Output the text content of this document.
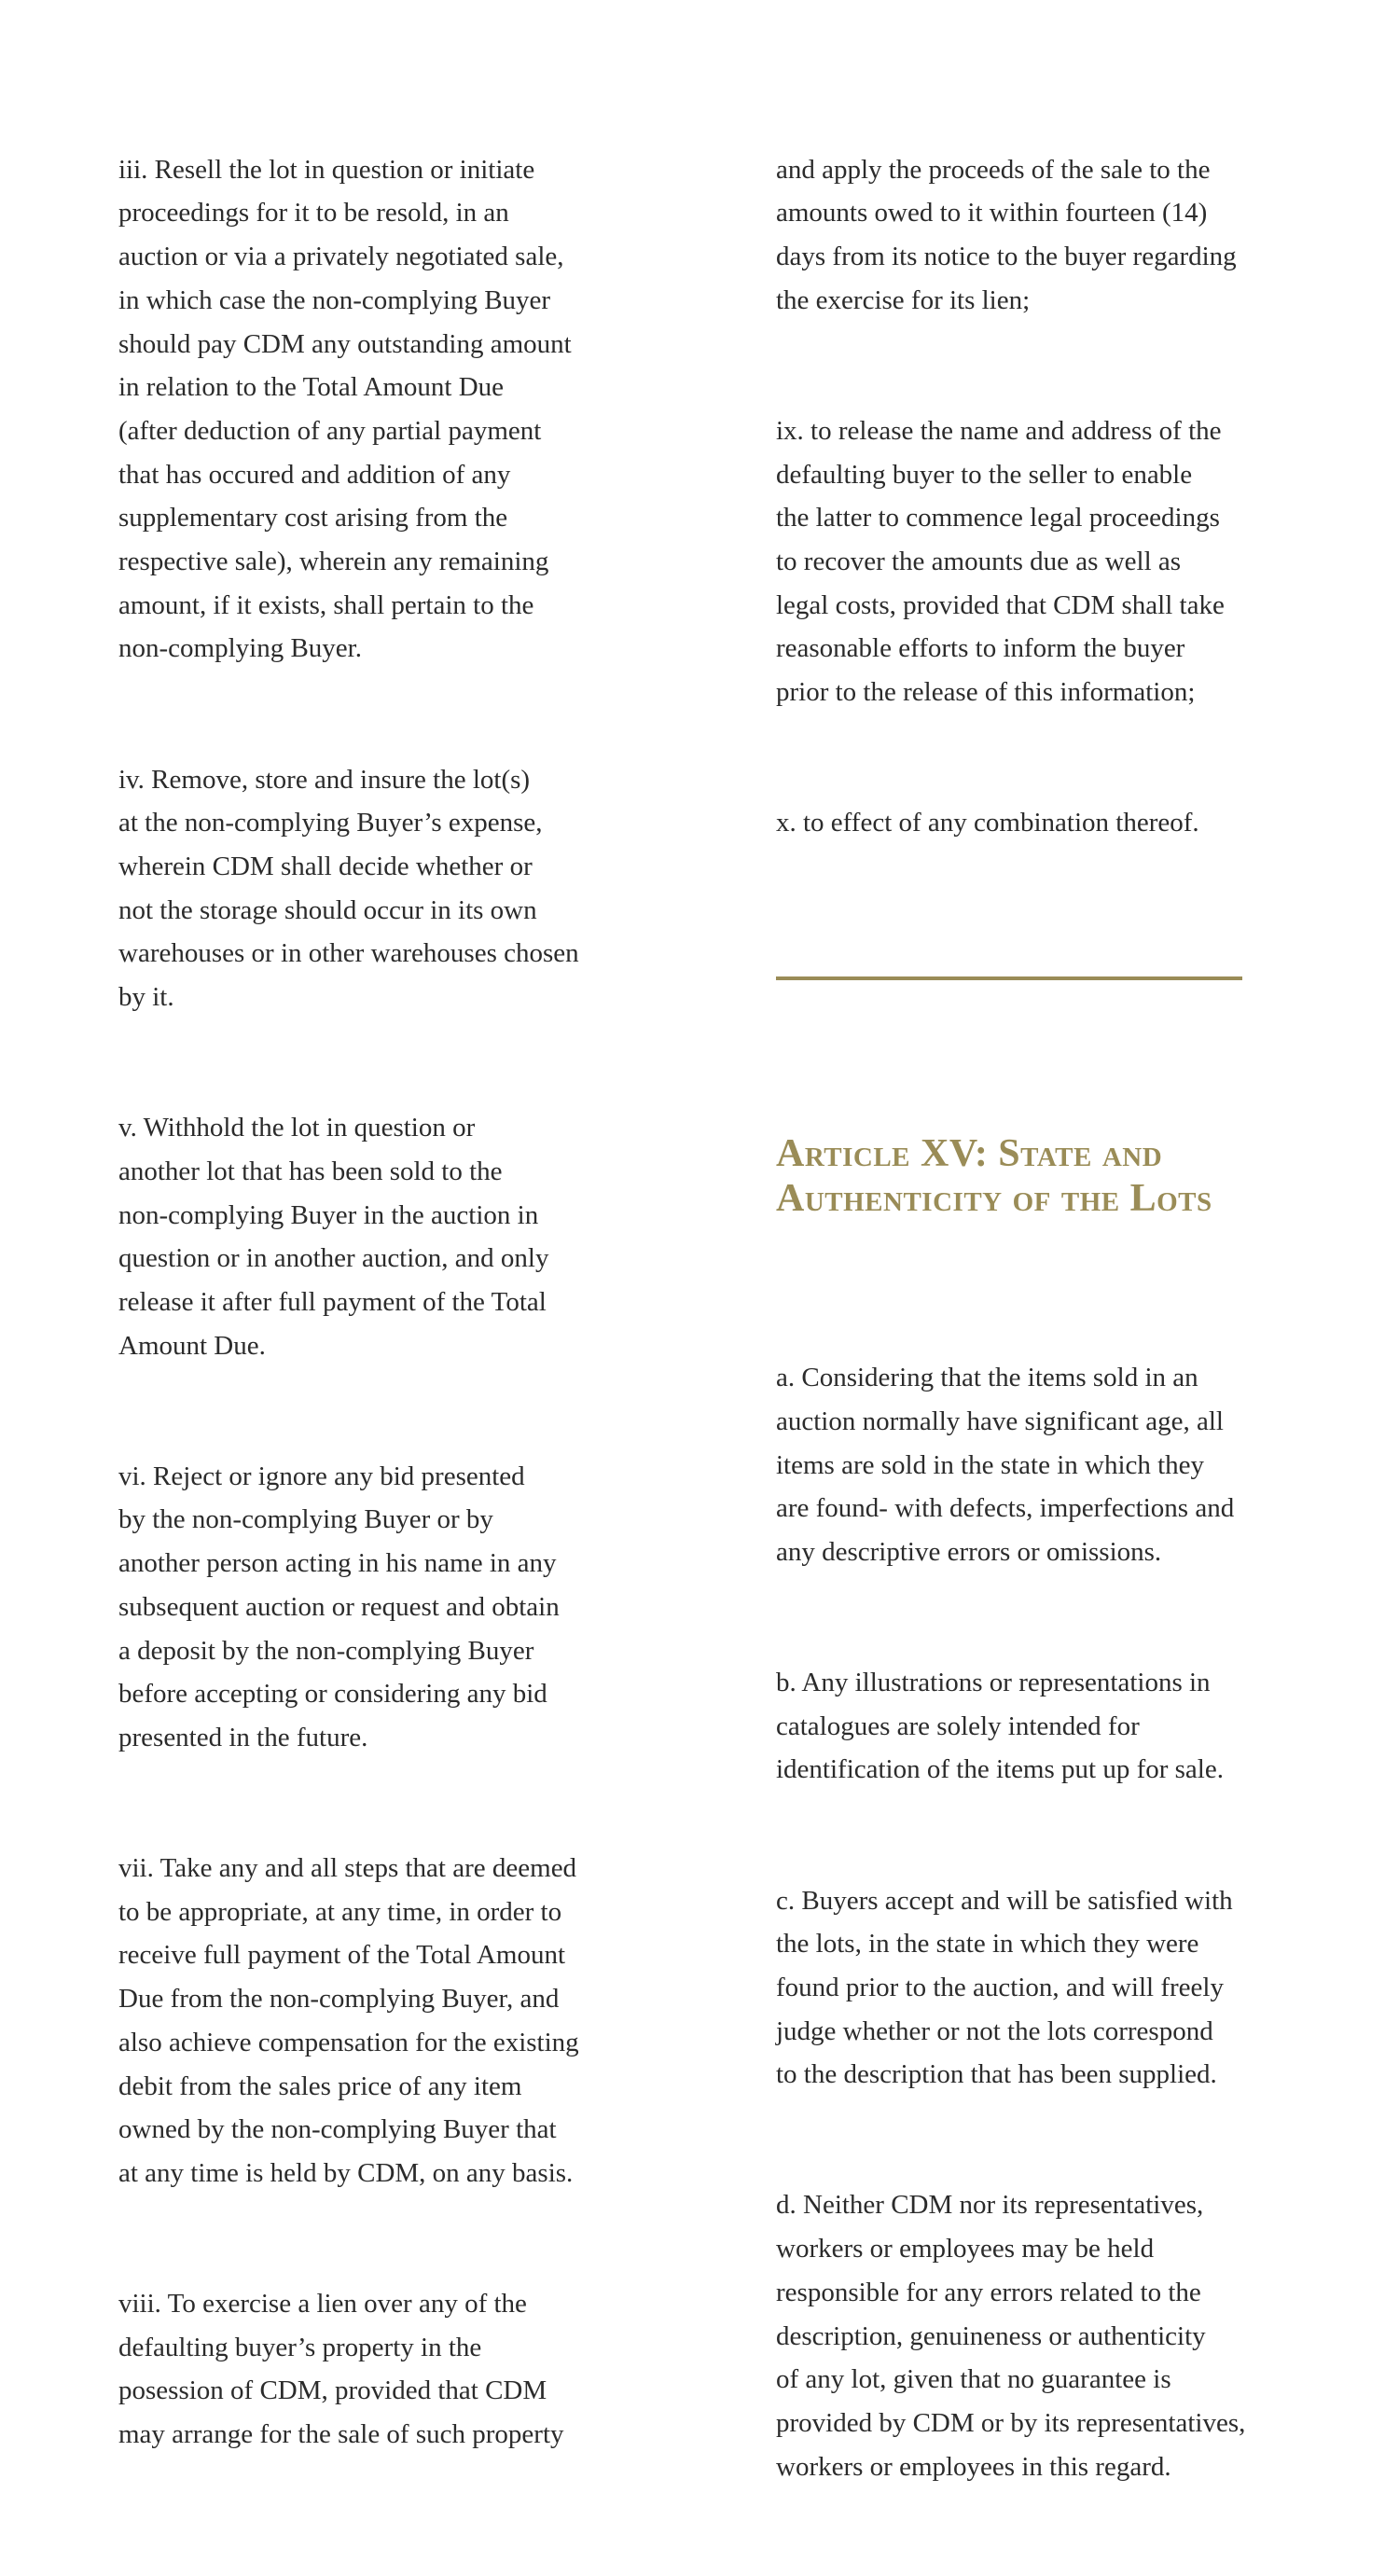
iii. Resell the lot in question or initiate
proceedings for it to be resold, in an
auction or via a privately negotiated sale,
in which case the non-complying Buyer
should pay CDM any outstanding amount
in relation to the Total Amount Due
(after deduction of any partial payment
that has occured and addition of any
supplementary cost arising from the
respective sale), wherein any remaining
amount, if it exists, shall pertain to the
non-complying Buyer.

iv. Remove, store and insure the lot(s)
at the non-complying Buyer’s expense,
wherein CDM shall decide whether or
not the storage should occur in its own
warehouses or in other warehouses chosen
by it.

v. Withhold the lot in question or
another lot that has been sold to the
non-complying Buyer in the auction in
question or in another auction, and only
release it after full payment of the Total
Amount Due.

vi. Reject or ignore any bid presented
by the non-complying Buyer or by
another person acting in his name in any
subsequent auction or request and obtain
a deposit by the non-complying Buyer
before accepting or considering any bid
presented in the future.

vii. Take any and all steps that are deemed
to be appropriate, at any time, in order to
receive full payment of the Total Amount
Due from the non-complying Buyer, and
also achieve compensation for the existing
debit from the sales price of any item
owned by the non-complying Buyer that
at any time is held by CDM, on any basis.

viii. To exercise a lien over any of the
defaulting buyer’s property in the
posession of CDM, provided that CDM
may arrange for the sale of such property

and apply the proceeds of the sale to the
amounts owed to it within fourteen (14)
days from its notice to the buyer regarding
the exercise for its lien;

ix. to release the name and address of the
defaulting buyer to the seller to enable
the latter to commence legal proceedings
to recover the amounts due as well as
legal costs, provided that CDM shall take
reasonable efforts to inform the buyer
prior to the release of this information;

x. to effect of any combination thereof.

Article XV: State and
Authenticity of the Lots

a. Considering that the items sold in an
auction normally have significant age, all
items are sold in the state in which they
are found- with defects, imperfections and
any descriptive errors or omissions.

b. Any illustrations or representations in
catalogues are solely intended for
identification of the items put up for sale.

c. Buyers accept and will be satisfied with
the lots, in the state in which they were
found prior to the auction, and will freely
judge whether or not the lots correspond
to the description that has been supplied.

d. Neither CDM nor its representatives,
workers or employees may be held
responsible for any errors related to the
description, genuineness or authenticity
of any lot, given that no guarantee is
provided by CDM or by its representatives,
workers or employees in this regard.
